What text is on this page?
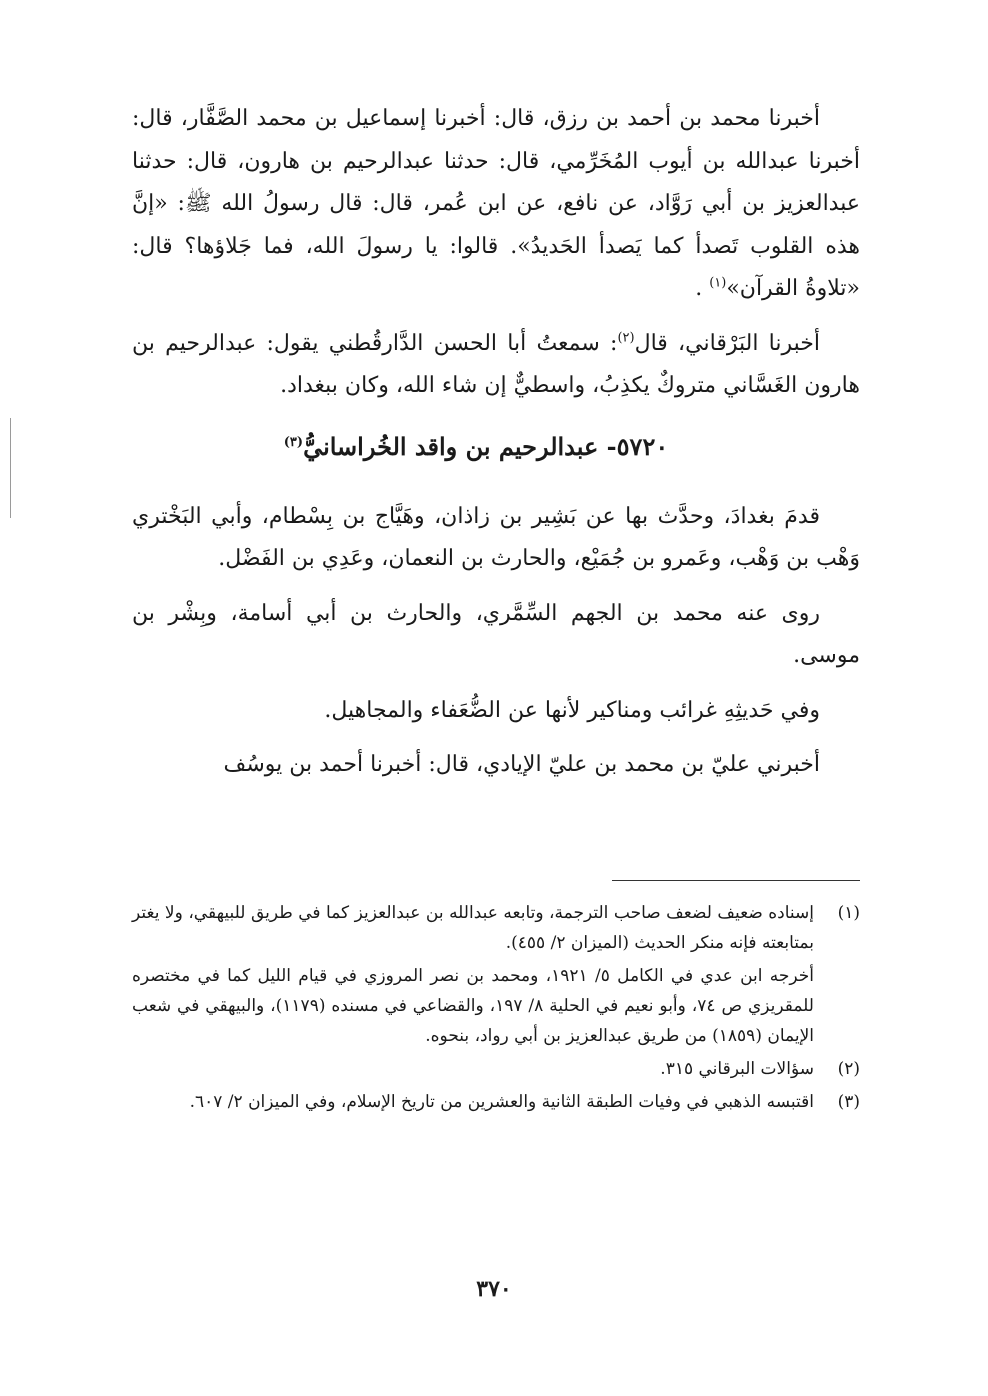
أخبرنا محمد بن أحمد بن رزق، قال: أخبرنا إسماعيل بن محمد الصَّفَّار، قال: أخبرنا عبدالله بن أيوب المُخَرِّمي، قال: حدثنا عبدالرحيم بن هارون، قال: حدثنا عبدالعزيز بن أبي رَوَّاد، عن نافع، عن ابن عُمر، قال: قال رسولُ الله ﷺ: «إنَّ هذه القلوب تَصدأ كما يَصدأ الحَديدُ». قالوا: يا رسولَ الله، فما جَلاؤها؟ قال: «تلاوةُ القرآن»$^{(١)}$ .

أخبرنا البَرْقاني، قال$^{(٢)}$: سمعتُ أبا الحسن الدَّارقُطني يقول: عبدالرحيم بن هارون الغَسَّاني متروكٌ يكذِبُ، واسطيٌّ إن شاء الله، وكان ببغداد.

٥٧٢٠- عبدالرحيم بن واقد الخُراسانيُّ$^{(٣)}$

قدمَ بغدادَ، وحدَّث بها عن بَشِير بن زاذان، وهَيَّاج بن بِسْطام، وأبي البَخْتري وَهْب بن وَهْب، وعَمرو بن جُمَيْع، والحارث بن النعمان، وعَدِي بن الفَضْل.

روى عنه محمد بن الجهم السِّمَّري، والحارث بن أبي أسامة، وبِشْر بن موسى.

وفي حَديثِهِ غرائب ومناكير لأنها عن الضُّعَفاء والمجاهيل.

أخبرني عليّ بن محمد بن عليّ الإيادي، قال: أخبرنا أحمد بن يوسُف

(١)
إسناده ضعيف لضعف صاحب الترجمة، وتابعه عبدالله بن عبدالعزيز كما في طريق للبيهقي، ولا يغتر بمتابعته فإنه منكر الحديث (الميزان ٢/ ٤٥٥).
أخرجه ابن عدي في الكامل ٥/ ١٩٢١، ومحمد بن نصر المروزي في قيام الليل كما في مختصره للمقريزي ص ٧٤، وأبو نعيم في الحلية ٨/ ١٩٧، والقضاعي في مسنده (١١٧٩)، والبيهقي في شعب الإيمان (١٨٥٩) من طريق عبدالعزيز بن أبي رواد، بنحوه.
(٢)
سؤالات البرقاني ٣١٥.
(٣)
اقتبسه الذهبي في وفيات الطبقة الثانية والعشرين من تاريخ الإسلام، وفي الميزان ٢/ ٦٠٧.
٣٧٠
